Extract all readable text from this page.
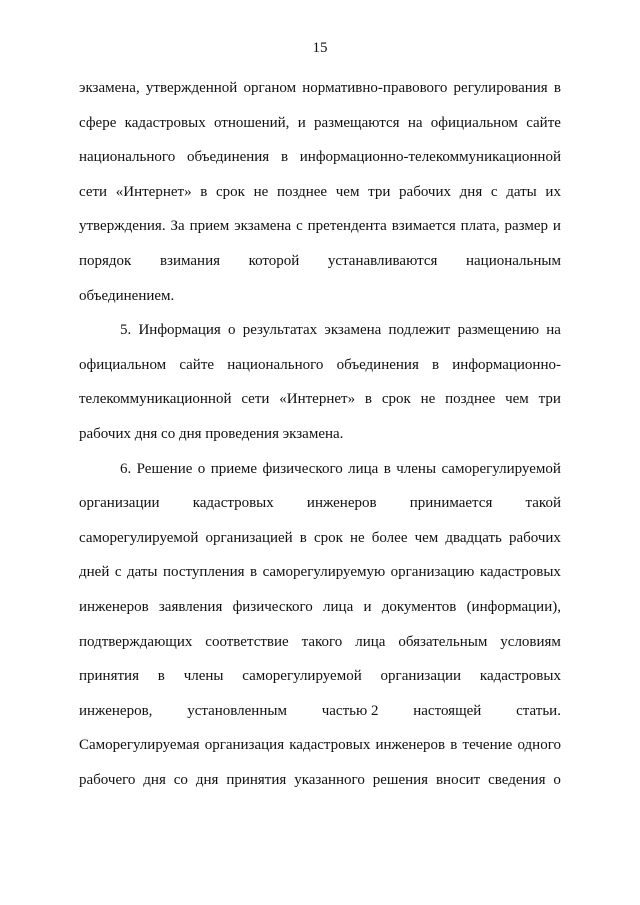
15
экзамена, утвержденной органом нормативно-правового регулирования в
сфере кадастровых отношений, и размещаются на официальном сайте
национального объединения в информационно-телекоммуникационной
сети «Интернет» в срок не позднее чем три рабочих дня с даты их
утверждения. За прием экзамена с претендента взимается плата, размер и
порядок взимания которой устанавливаются национальным
объединением.
5. Информация о результатах экзамена подлежит размещению на
официальном сайте национального объединения в информационно-
телекоммуникационной сети «Интернет» в срок не позднее чем три
рабочих дня со дня проведения экзамена.
6. Решение о приеме физического лица в члены саморегулируемой
организации кадастровых инженеров принимается такой
саморегулируемой организацией в срок не более чем двадцать рабочих
дней с даты поступления в саморегулируемую организацию кадастровых
инженеров заявления физического лица и документов (информации),
подтверждающих соответствие такого лица обязательным условиям
принятия в члены саморегулируемой организации кадастровых
инженеров, установленным частью 2 настоящей статьи.
Саморегулируемая организация кадастровых инженеров в течение одного
рабочего дня со дня принятия указанного решения вносит сведения о
